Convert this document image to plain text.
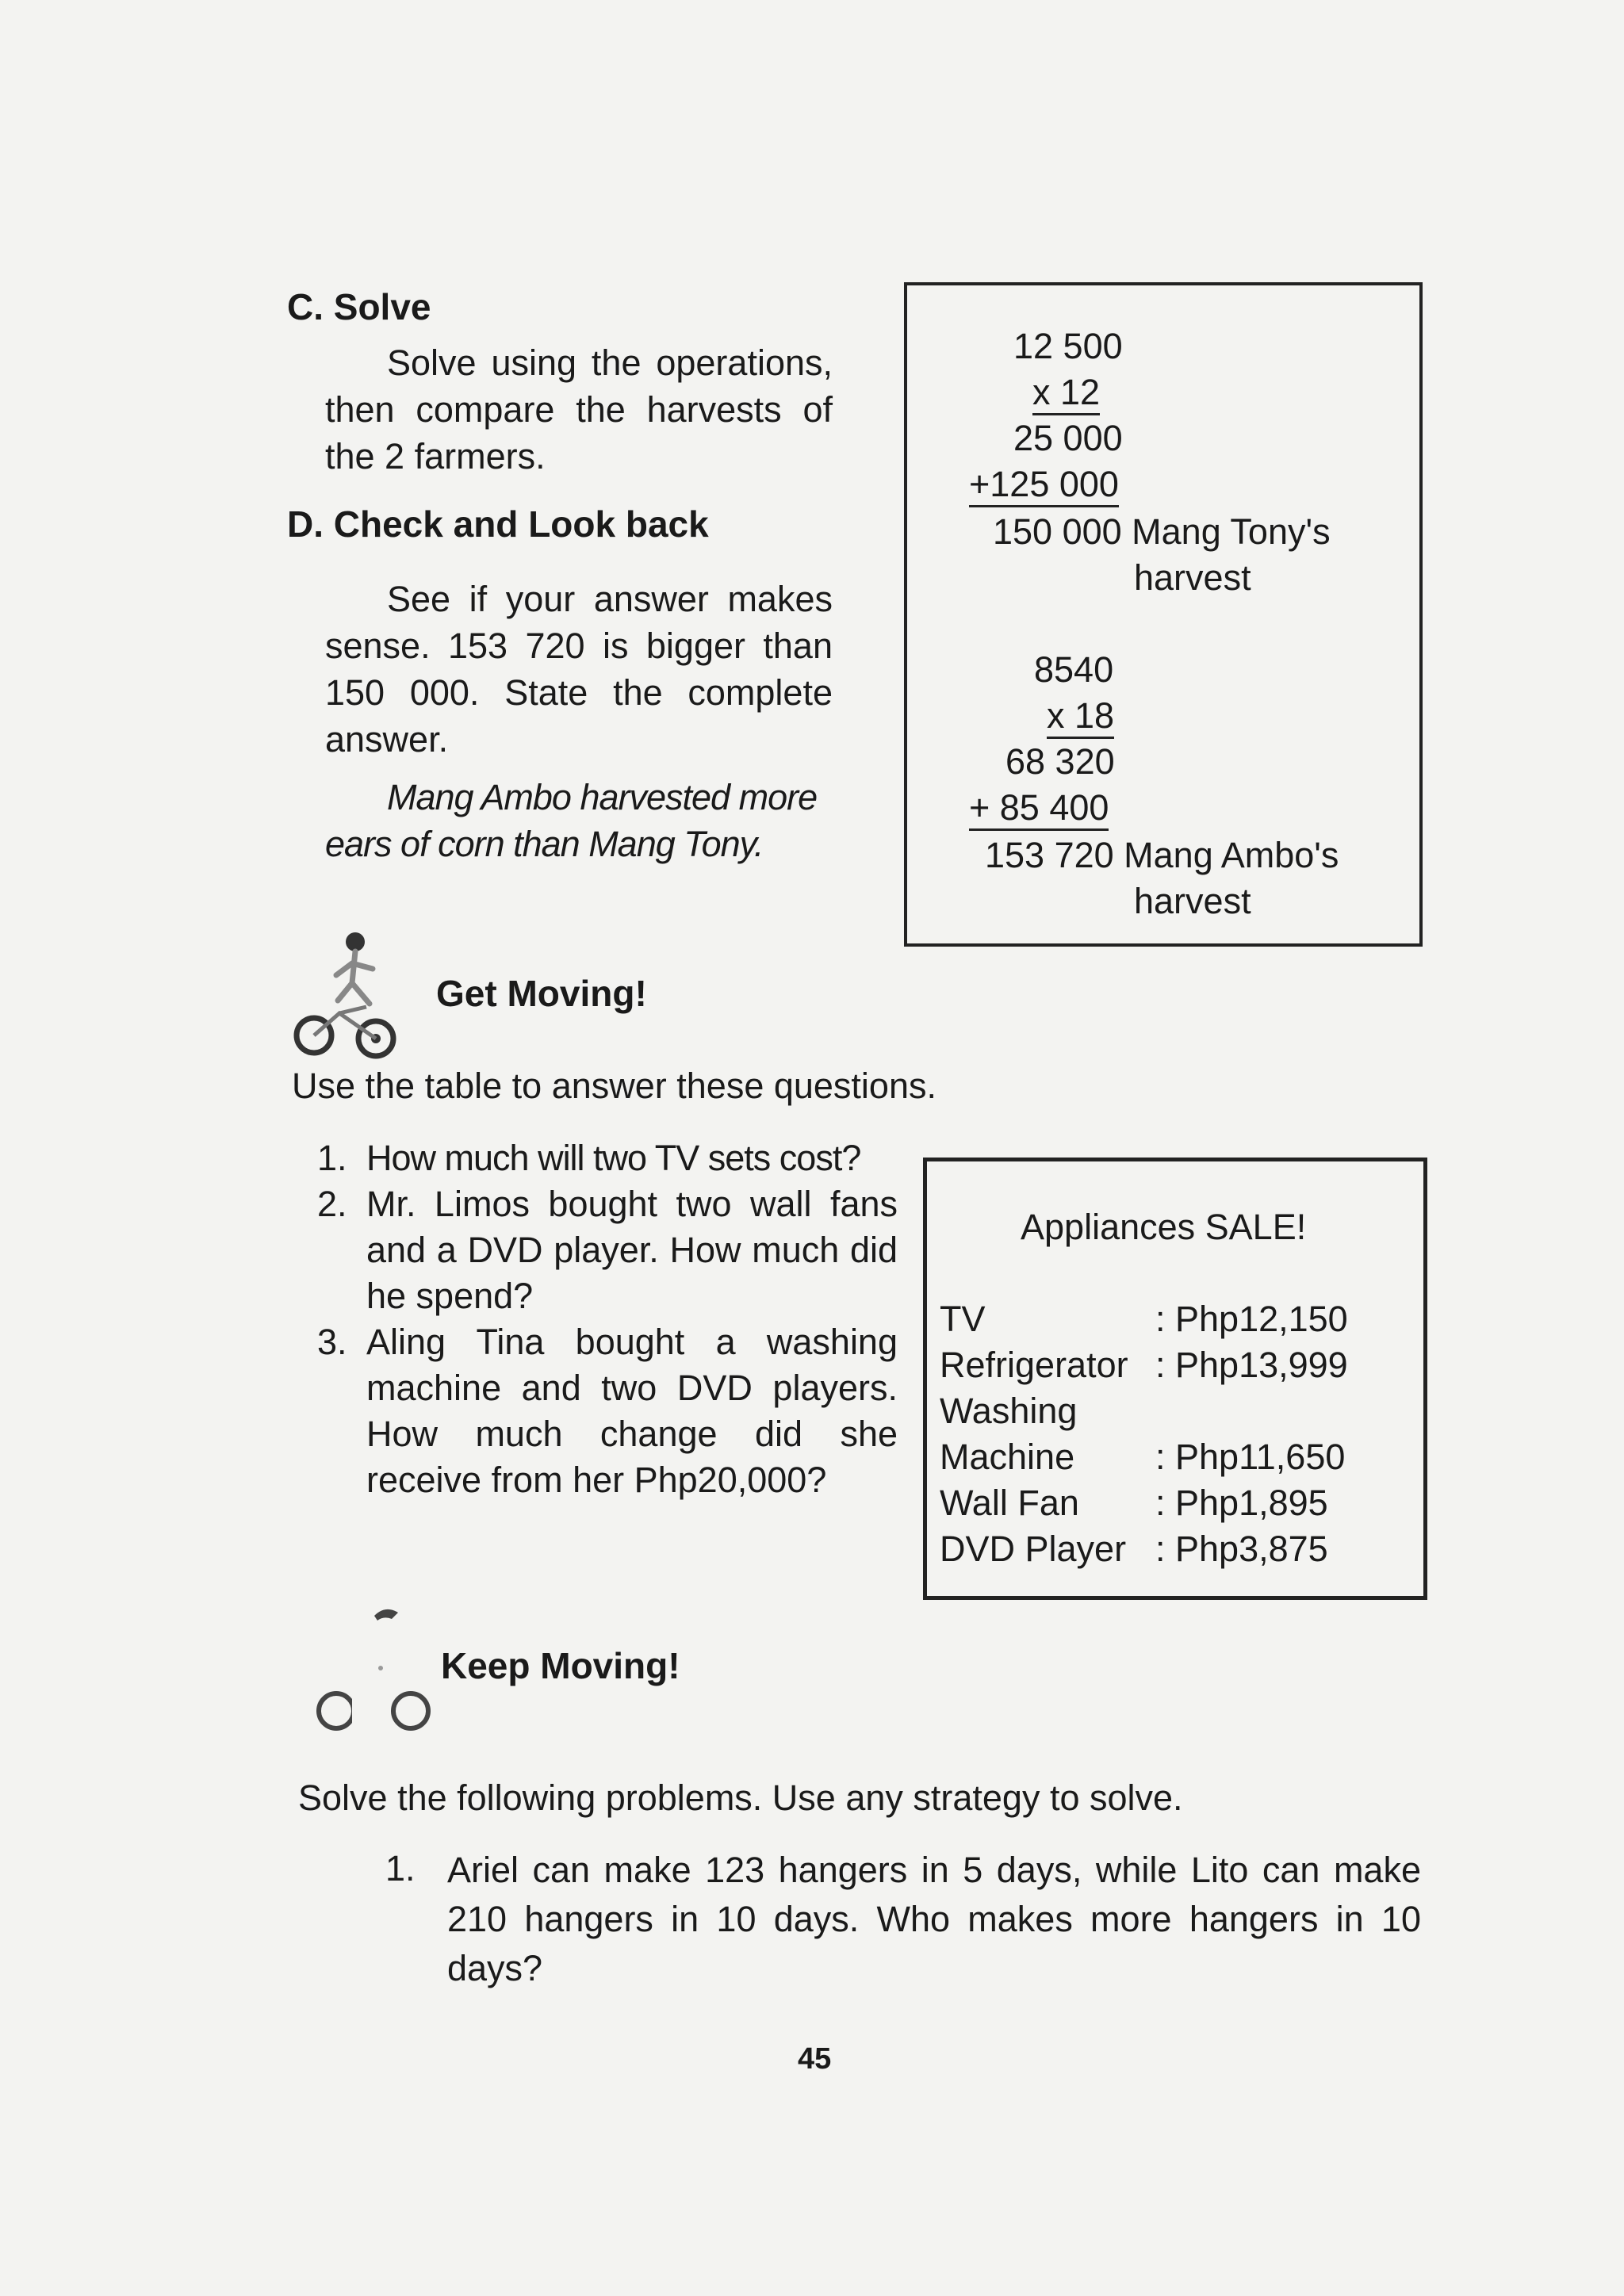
C. Solve
Solve using the operations, then compare the harvests of the 2 farmers.
D. Check and Look back
See if your answer makes sense. 153 720 is bigger than 150 000. State the complete answer.
Mang Ambo harvested more ears of corn than Mang Tony.
12 500
x 12
25 000
+125 000
150 000 Mang Tony's
harvest
8540
x 18
68 320
+ 85 400
153 720 Mang Ambo's
harvest
Get Moving!
Use the table to answer these questions.
1. How much will two TV sets cost?
2. Mr. Limos bought two wall fans and a DVD player. How much did he spend?
3. Aling Tina bought a washing machine and two DVD players. How much change did she receive from her Php20,000?
Appliances SALE!
TV	: Php12,150
Refrigerator : Php13,999
Washing
Machine : Php11,650
Wall Fan : Php1,895
DVD Player : Php3,875
Keep Moving!
Solve the following problems. Use any strategy to solve.
1. Ariel can make 123 hangers in 5 days, while Lito can make 210 hangers in 10 days. Who makes more hangers in 10 days?
45
